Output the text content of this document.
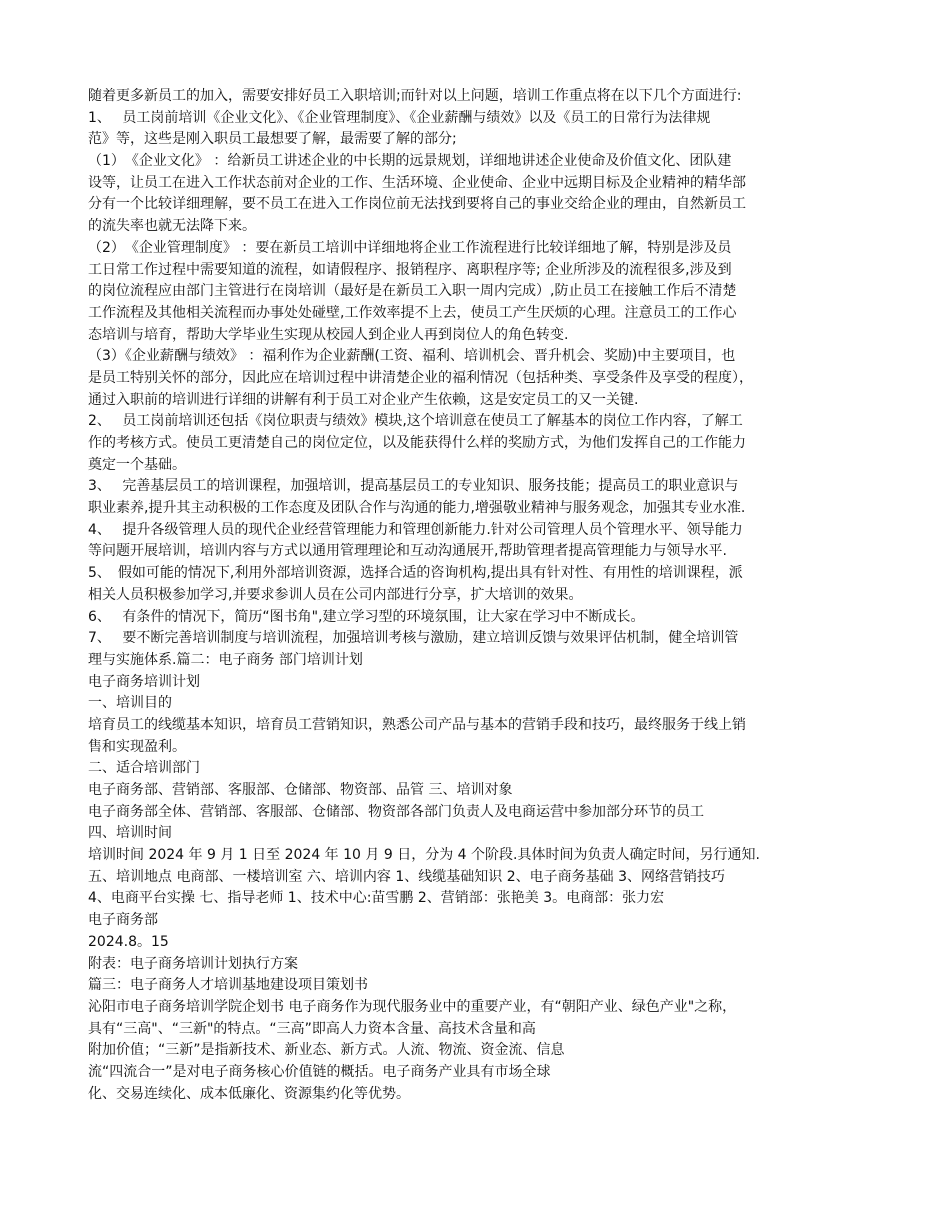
随着更多新员工的加入，需要安排好员工入职培训;而针对以上问题，培训工作重点将在以下几个方面进行:
1、　 员工岗前培训《企业文化》、《企业管理制度》、《企业薪酬与绩效》以及《员工的日常行为法律规
范》等，这些是刚入职员工最想要了解，最需要了解的部分;
（1）　《企业文化》 ：给新员工讲述企业的中长期的远景规划，详细地讲述企业使命及价值文化、团队建
设等，让员工在进入工作状态前对企业的工作、生活环境、企业使命、企业中远期目标及企业精神的精华部
分有一个比较详细理解，要不员工在进入工作岗位前无法找到要将自己的事业交给企业的理由，自然新员工
的流失率也就无法降下来。
（2）　《企业管理制度》 ：要在新员工培训中详细地将企业工作流程进行比较详细地了解，特别是涉及员
工日常工作过程中需要知道的流程，如请假程序、报销程序、离职程序等; 企业所涉及的流程很多,涉及到
的岗位流程应由部门主管进行在岗培训（最好是在新员工入职一周内完成）,防止员工在接触工作后不清楚
工作流程及其他相关流程而办事处处碰壁,工作效率提不上去，使员工产生厌烦的心理。注意员工的工作心
态培训与培育，帮助大学毕业生实现从校园人到企业人再到岗位人的角色转变.
（3）《企业薪酬与绩效》 ：福利作为企业薪酬(工资、福利、培训机会、晋升机会、奖励)中主要项目，也
是员工特别关怀的部分，因此应在培训过程中讲清楚企业的福利情况（包括种类、享受条件及享受的程度），
通过入职前的培训进行详细的讲解有利于员工对企业产生依赖，这是安定员工的又一关键.
2、　 员工岗前培训还包括《岗位职责与绩效》模块,这个培训意在使员工了解基本的岗位工作内容，了解工
作的考核方式。使员工更清楚自己的岗位定位，以及能获得什么样的奖励方式，为他们发挥自己的工作能力
奠定一个基础。
3、　 完善基层员工的培训课程，加强培训，提高基层员工的专业知识、服务技能；提高员工的职业意识与
职业素养,提升其主动积极的工作态度及团队合作与沟通的能力,增强敬业精神与服务观念，加强其专业水准.
4、　 提升各级管理人员的现代企业经营管理能力和管理创新能力.针对公司管理人员个管理水平、领导能力
等问题开展培训，培训内容与方式以通用管理理论和互动沟通展开,帮助管理者提高管理能力与领导水平.
5、　假如可能的情况下,利用外部培训资源，选择合适的咨询机构,提出具有针对性、有用性的培训课程，派
相关人员积极参加学习,并要求参训人员在公司内部进行分享，扩大培训的效果。
6、　 有条件的情况下，简历“图书角",建立学习型的环境氛围，让大家在学习中不断成长。
7、　 要不断完善培训制度与培训流程，加强培训考核与激励，建立培训反馈与效果评估机制，健全培训管
理与实施体系.篇二：电子商务 部门培训计划
电子商务培训计划
一、培训目的
培育员工的线缆基本知识，培育员工营销知识，熟悉公司产品与基本的营销手段和技巧，最终服务于线上销
售和实现盈利。
二、适合培训部门
电子商务部、营销部、客服部、仓储部、物资部、品管 三、培训对象
电子商务部全体、营销部、客服部、仓储部、物资部各部门负责人及电商运营中参加部分环节的员工
四、培训时间
培训时间 2024 年 9 月 1 日至 2024 年 10 月 9 日，分为 4 个阶段.具体时间为负责人确定时间，另行通知.
五、培训地点 电商部、一楼培训室 六、培训内容 1、线缆基础知识 2、电子商务基础 3、网络营销技巧
4、电商平台实操 七、指导老师 1、技术中心:苗雪鹏 2、营销部：张艳美 3。电商部：张力宏
电子商务部
2024.8。15
附表：电子商务培训计划执行方案
篇三：电子商务人才培训基地建设项目策划书
沁阳市电子商务培训学院企划书 电子商务作为现代服务业中的重要产业，有“朝阳产业、绿色产业"之称，
具有“三高"、“三新"的特点。“三高”即高人力资本含量、高技术含量和高
附加价值；“三新”是指新技术、新业态、新方式。人流、物流、资金流、信息
流“四流合一”是对电子商务核心价值链的概括。电子商务产业具有市场全球
化、交易连续化、成本低廉化、资源集约化等优势。
